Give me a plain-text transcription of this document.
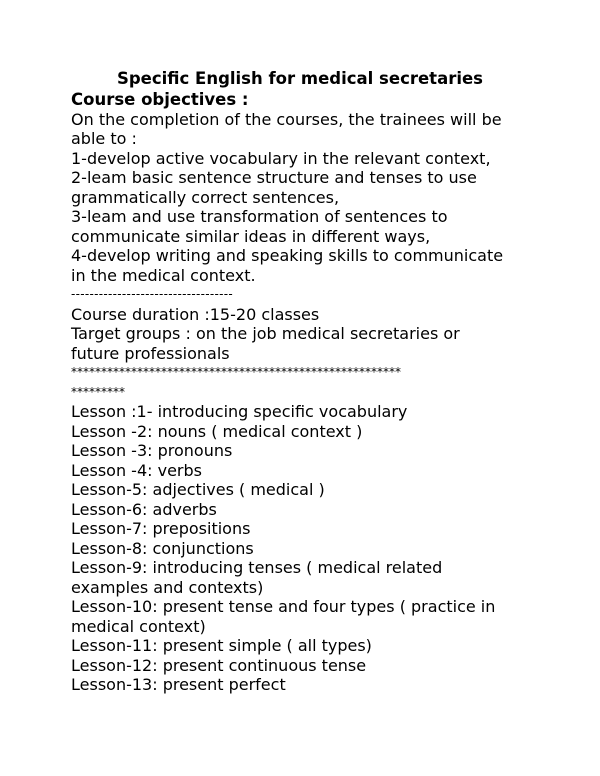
Specific English for medical secretaries
Course objectives :
On the completion of the courses, the trainees will be
able to :
1-develop active vocabulary in the relevant context,
2-leam basic sentence structure and tenses to use
grammatically correct sentences,
3-leam and use transformation of sentences to
communicate similar ideas in different ways,
4-develop writing and speaking skills to communicate
in the medical context.
-----------------------------------
Course duration :15-20 classes
Target groups : on the job medical secretaries or
future professionals
*******************************************************
*********
Lesson :1- introducing specific vocabulary
Lesson -2: nouns ( medical context )
Lesson -3: pronouns
Lesson -4: verbs
Lesson-5: adjectives ( medical )
Lesson-6: adverbs
Lesson-7: prepositions
Lesson-8: conjunctions
Lesson-9: introducing tenses ( medical related
examples and contexts)
Lesson-10: present tense and four types ( practice in
medical context)
Lesson-11: present simple ( all types)
Lesson-12: present continuous tense
Lesson-13: present perfect
